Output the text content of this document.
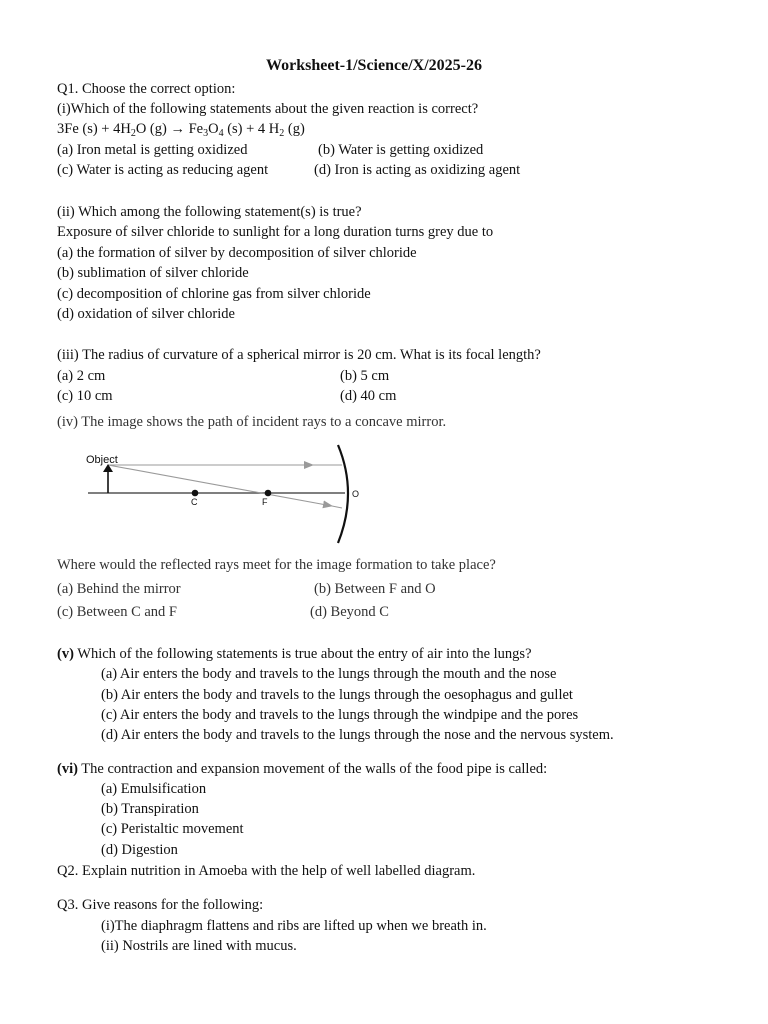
Worksheet-1/Science/X/2025-26
Q1. Choose the correct option:
(i)Which of the following statements about the given reaction is correct?
3Fe $(s) + 4H_2O$ $(g) \to Fe_3O_4$ (s) + 4 $H_2$ (g)
(a) Iron metal is getting oxidized	(b) Water is getting oxidized
(c) Water is acting as reducing agent	(d) Iron is acting as oxidizing agent
(ii) Which among the following statement(s) is true?
Exposure of silver chloride to sunlight for a long duration turns grey due to
(a) the formation of silver by decomposition of silver chloride
(b) sublimation of silver chloride
(c) decomposition of chlorine gas from silver chloride
(d) oxidation of silver chloride
(iii) The radius of curvature of a spherical mirror is 20 cm. What is its focal length?
(a) 2 cm	(b) 5 cm
(c) 10 cm	(d) 40 cm
(iv) The image shows the path of incident rays to a concave mirror.
Object
C	F
O
Where would the reflected rays meet for the image formation to take place?
(a) Behind the mirror	(b) Between F and O
(c) Between C and F	(d) Beyond C
(v) Which of the following statements is true about the entry of air into the lungs?
(a) Air enters the body and travels to the lungs through the mouth and the nose
(b) Air enters the body and travels to the lungs through the oesophagus and gullet
(c) Air enters the body and travels to the lungs through the windpipe and the pores
(d) Air enters the body and travels to the lungs through the nose and the nervous system.
(vi) The contraction and expansion movement of the walls of the food pipe is called:
(a) Emulsification
(b) Transpiration
(c) Peristaltic movement
(d) Digestion
Q2. Explain nutrition in Amoeba with the help of well labelled diagram.
Q3. Give reasons for the following:
(i)The diaphragm flattens and ribs are lifted up when we breath in.
(ii) Nostrils are lined with mucus.
